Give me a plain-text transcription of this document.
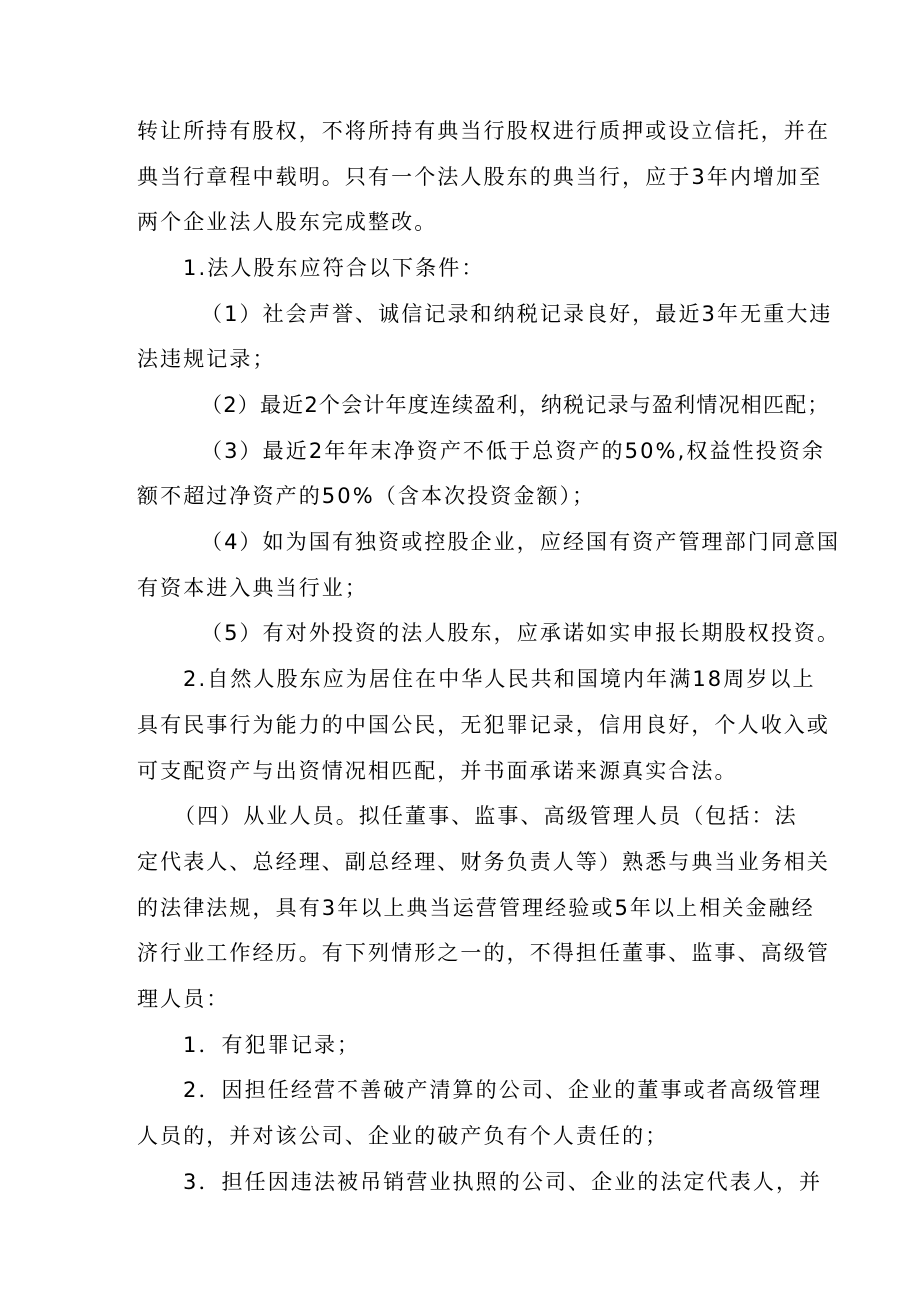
转让所持有股权，不将所持有典当行股权进行质押或设立信托，并在
典当行章程中载明。只有一个法人股东的典当行，应于3年内增加至
两个企业法人股东完成整改。
1.法人股东应符合以下条件：
（1）社会声誉、诚信记录和纳税记录良好，最近3年无重大违
法违规记录；
（2）最近2个会计年度连续盈利，纳税记录与盈利情况相匹配；
（3）最近2年年末净资产不低于总资产的50%,权益性投资余
额不超过净资产的50%（含本次投资金额）；
（4）如为国有独资或控股企业，应经国有资产管理部门同意国
有资本进入典当行业；
（5）有对外投资的法人股东，应承诺如实申报长期股权投资。
2.自然人股东应为居住在中华人民共和国境内年满18周岁以上
具有民事行为能力的中国公民，无犯罪记录，信用良好，个人收入或
可支配资产与出资情况相匹配，并书面承诺来源真实合法。
（四）从业人员。拟任董事、监事、高级管理人员（包括：法
定代表人、总经理、副总经理、财务负责人等）熟悉与典当业务相关
的法律法规，具有3年以上典当运营管理经验或5年以上相关金融经
济行业工作经历。有下列情形之一的，不得担任董事、监事、高级管
理人员：
1．有犯罪记录；
2．因担任经营不善破产清算的公司、企业的董事或者高级管理
人员的，并对该公司、企业的破产负有个人责任的；
3．担任因违法被吊销营业执照的公司、企业的法定代表人，并
